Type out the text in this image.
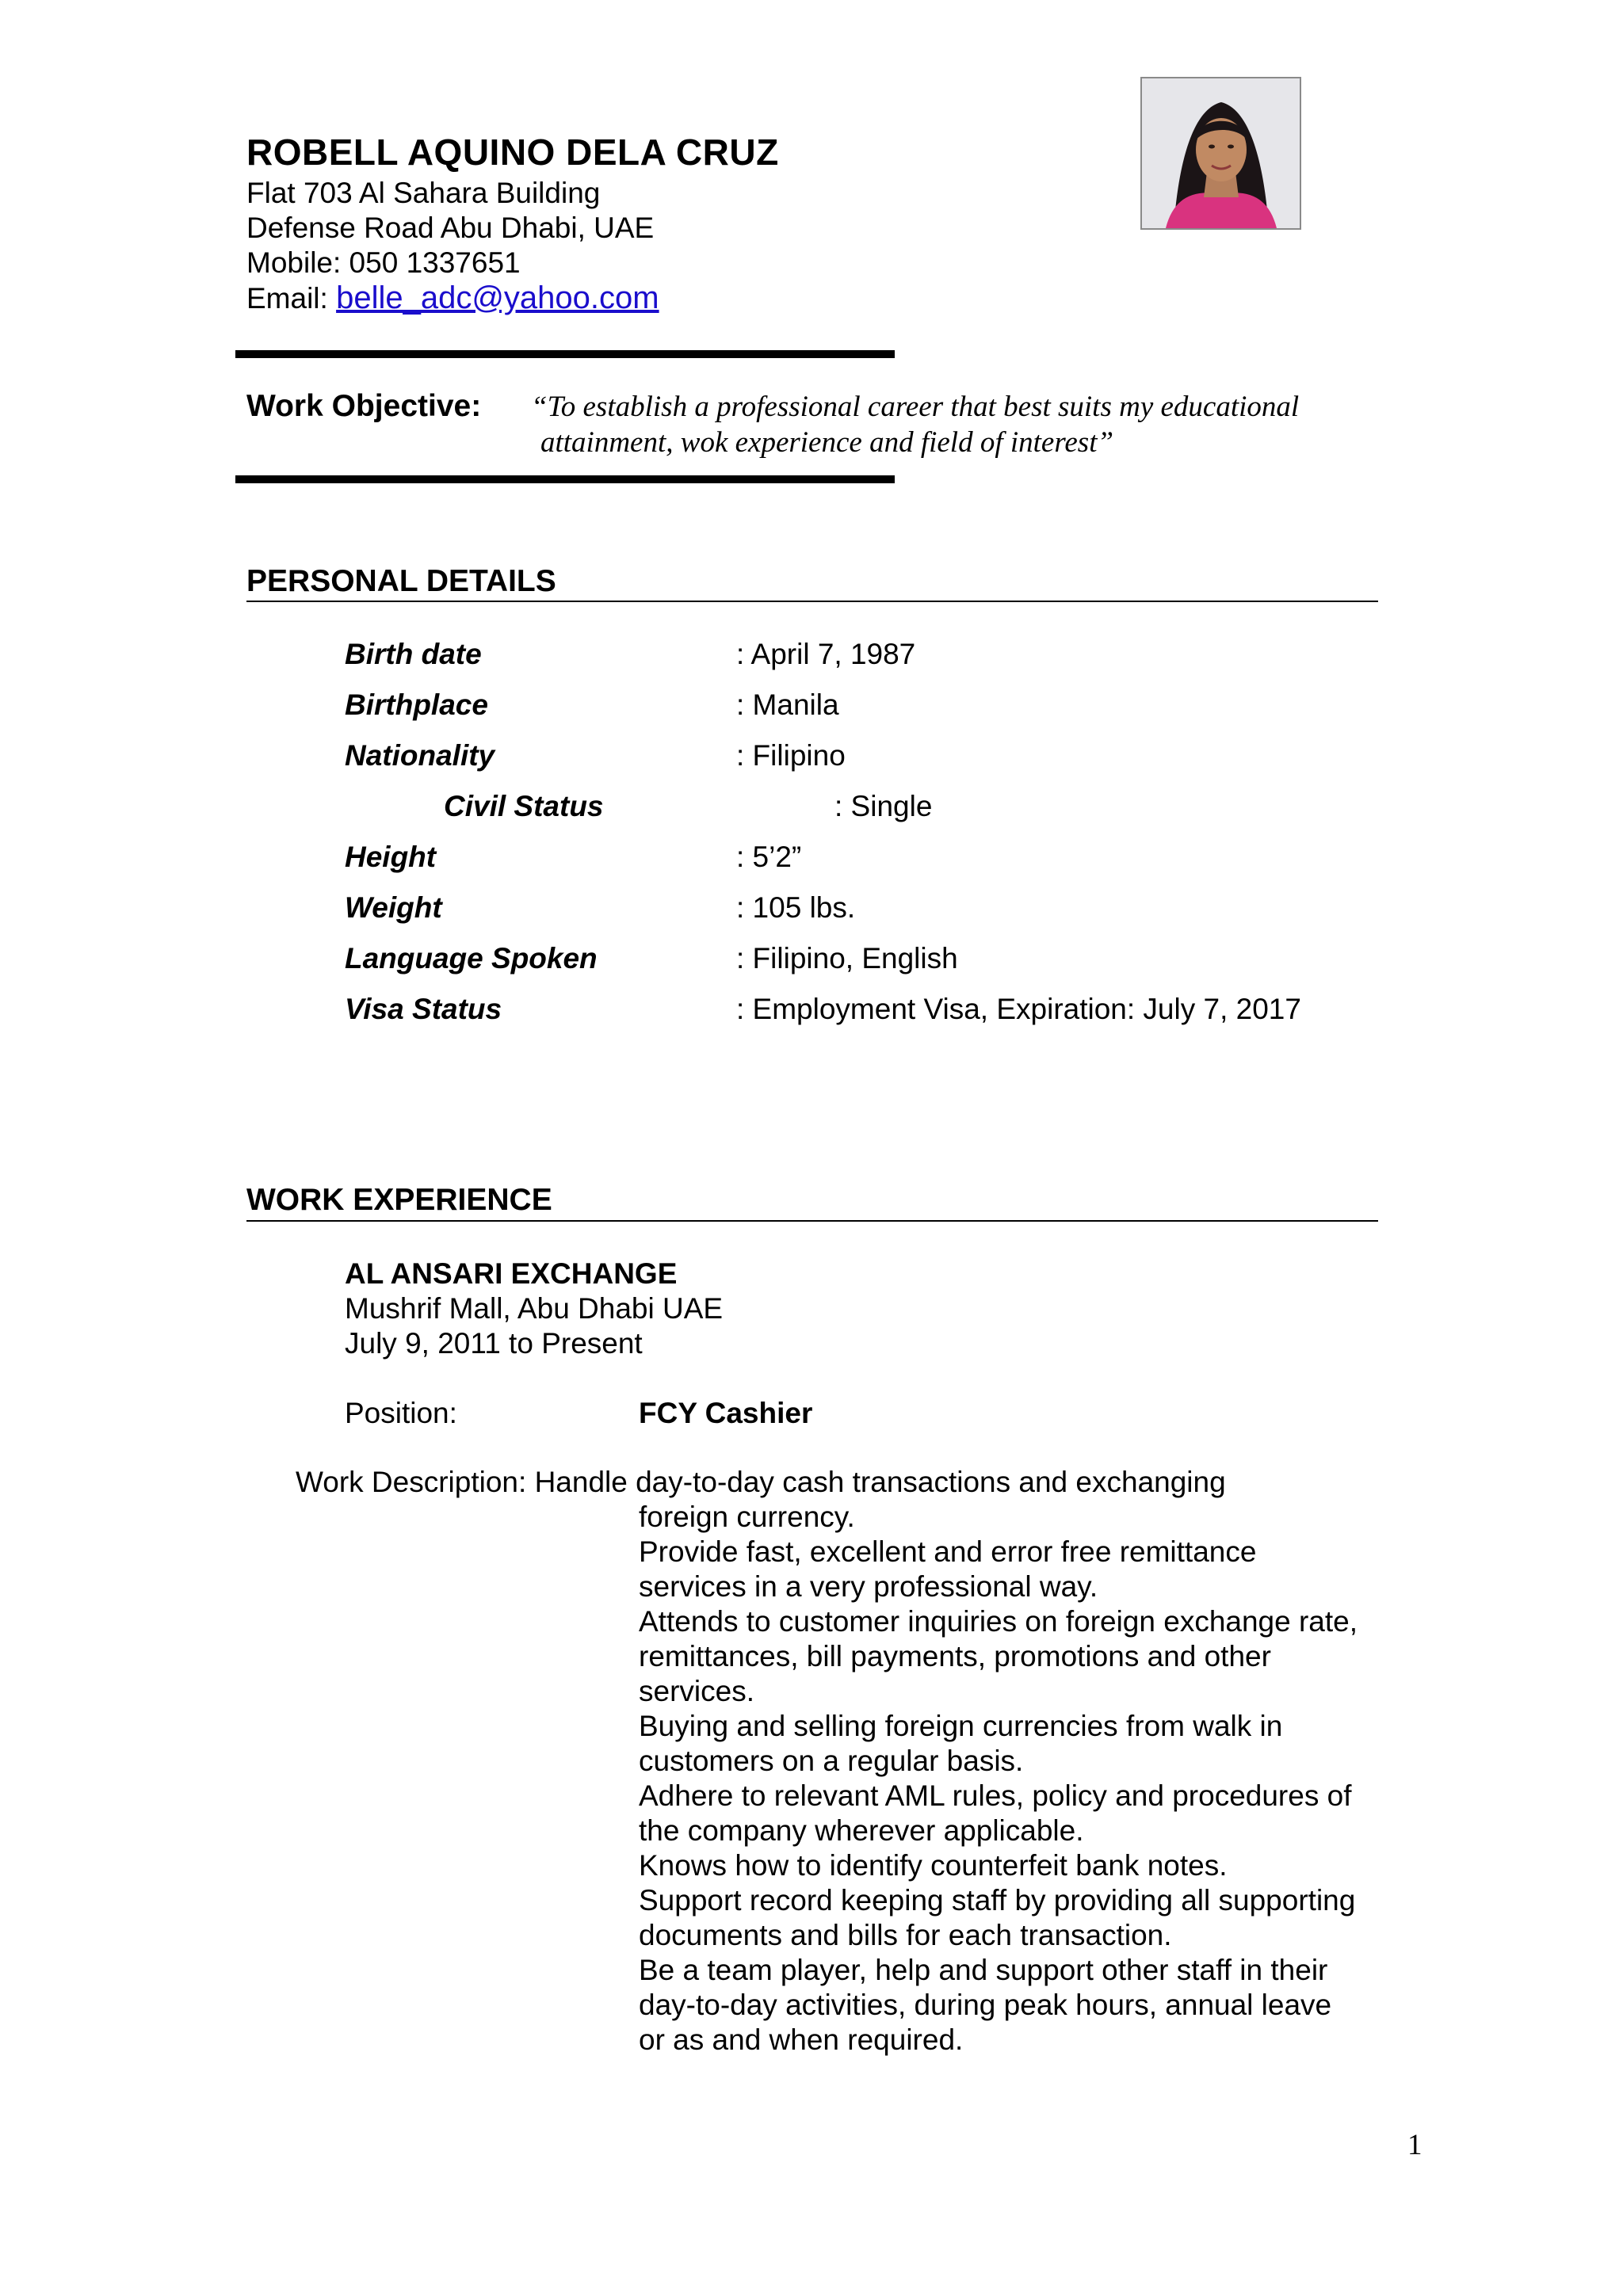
ROBELL AQUINO DELA CRUZ
Flat 703 Al Sahara Building
Defense Road Abu Dhabi, UAE
Mobile: 050 1337651
Email: belle_adc@yahoo.com
Work Objective: “To establish a professional career that best suits my educational
attainment, wok experience and field of interest”
PERSONAL DETAILS
Birth date	: April 7, 1987
Birthplace	: Manila
Nationality	: Filipino
Civil Status	: Single
Height	: 5’2”
Weight	: 105 lbs.
Language Spoken	: Filipino, English
Visa Status	: Employment Visa, Expiration: July 7, 2017
WORK EXPERIENCE
AL ANSARI EXCHANGE
Mushrif Mall, Abu Dhabi UAE
July 9, 2011 to Present
Position:	FCY Cashier
Work Description: Handle day-to-day cash transactions and exchanging
foreign currency.
Provide fast, excellent and error free remittance
services in a very professional way.
Attends to customer inquiries on foreign exchange rate,
remittances, bill payments, promotions and other
services.
Buying and selling foreign currencies from walk in
customers on a regular basis.
Adhere to relevant AML rules, policy and procedures of
the company wherever applicable.
Knows how to identify counterfeit bank notes.
Support record keeping staff by providing all supporting
documents and bills for each transaction.
Be a team player, help and support other staff in their
day-to-day activities, during peak hours, annual leave
or as and when required.
1
